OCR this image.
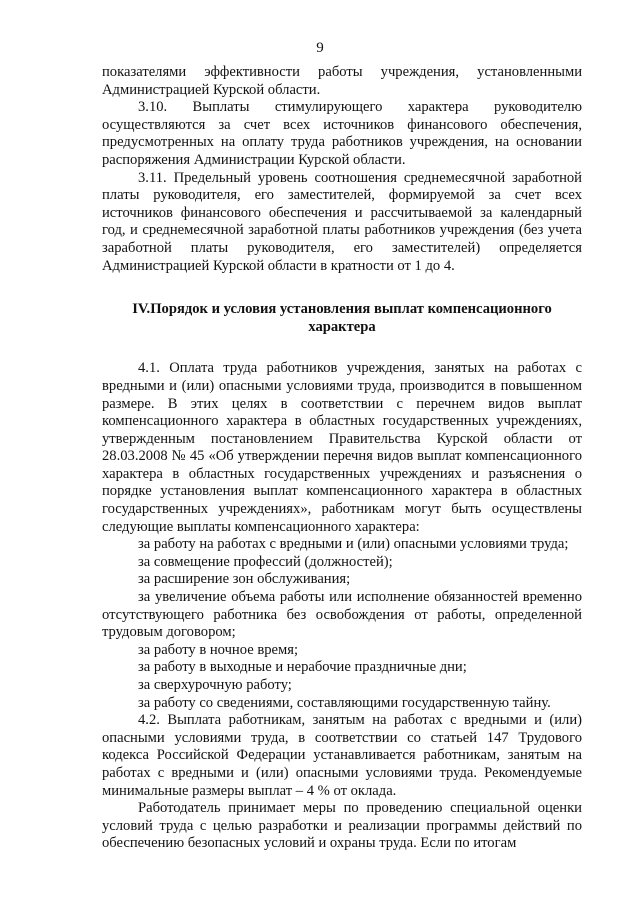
9

показателями эффективности работы учреждения, установленными Администрацией Курской области.

3.10. Выплаты стимулирующего характера руководителю осуществляются за счет всех источников финансового обеспечения, предусмотренных на оплату труда работников учреждения, на основании распоряжения Администрации Курской области.

3.11. Предельный уровень соотношения среднемесячной заработной платы руководителя, его заместителей, формируемой за счет всех источников финансового обеспечения и рассчитываемой за календарный год, и среднемесячной заработной платы работников учреждения (без учета заработной платы руководителя, его заместителей) определяется Администрацией Курской области в кратности от 1 до 4.

IV.Порядок и условия установления выплат компенсационного характера

4.1. Оплата труда работников учреждения, занятых на работах с вредными и (или) опасными условиями труда, производится в повышенном размере. В этих целях в соответствии с перечнем видов выплат компенсационного характера в областных государственных учреждениях, утвержденным постановлением Правительства Курской области от 28.03.2008 № 45 «Об утверждении перечня видов выплат компенсационного характера в областных государственных учреждениях и разъяснения о порядке установления выплат компенсационного характера в областных государственных учреждениях», работникам могут быть осуществлены следующие выплаты компенсационного характера:

за работу на работах с вредными и (или) опасными условиями труда;

за совмещение профессий (должностей);

за расширение зон обслуживания;

за увеличение объема работы или исполнение обязанностей временно отсутствующего работника без освобождения от работы, определенной трудовым договором;

за работу в ночное время;

за работу в выходные и нерабочие праздничные дни;

за сверхурочную работу;

за работу со сведениями, составляющими государственную тайну.

4.2. Выплата работникам, занятым на работах с вредными и (или) опасными условиями труда, в соответствии со статьей 147 Трудового кодекса Российской Федерации устанавливается работникам, занятым на работах с вредными и (или) опасными условиями труда. Рекомендуемые минимальные размеры выплат – 4 % от оклада.

Работодатель принимает меры по проведению специальной оценки условий труда с целью разработки и реализации программы действий по обеспечению безопасных условий и охраны труда. Если по итогам
